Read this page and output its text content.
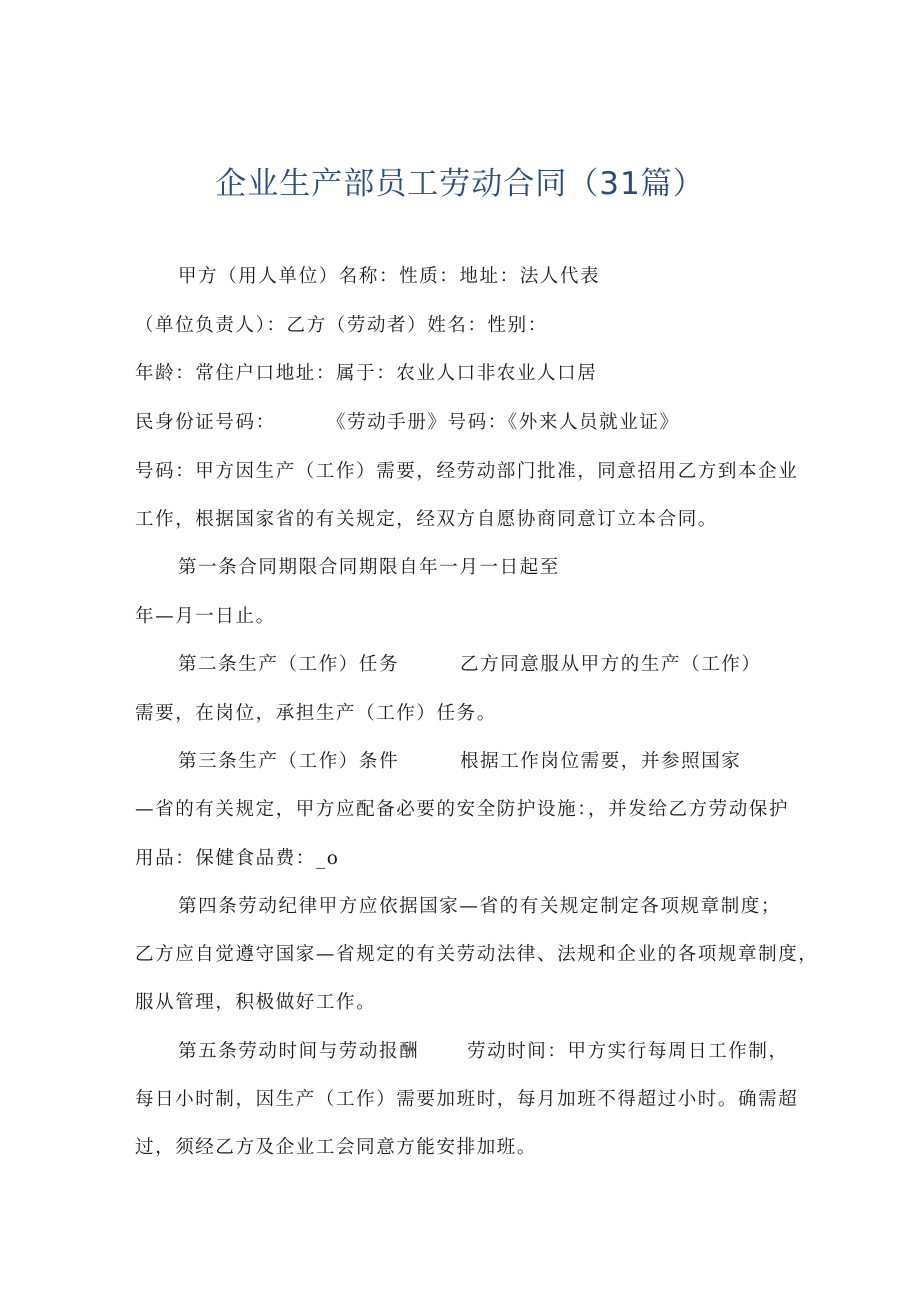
企业生产部员工劳动合同（31篇）
甲方（用人单位）名称：性质：地址：法人代表
（单位负责人）：乙方（劳动者）姓名：性别：
年龄：常住户口地址：属于：农业人口非农业人口居
民身份证号码：	《劳动手册》号码：《外来人员就业证》
号码：甲方因生产（工作）需要，经劳动部门批准，同意招用乙方到本企业
工作，根据国家省的有关规定，经双方自愿协商同意订立本合同。
第一条合同期限合同期限自年一月一日起至
年—月一日止。
第二条生产（工作）任务	乙方同意服从甲方的生产（工作）
需要，在岗位，承担生产（工作）任务。
第三条生产（工作）条件	根据工作岗位需要，并参照国家
—省的有关规定，甲方应配备必要的安全防护设施：，并发给乙方劳动保护
用品：保健食品费：_o
第四条劳动纪律甲方应依据国家—省的有关规定制定各项规章制度；
乙方应自觉遵守国家—省规定的有关劳动法律、法规和企业的各项规章制度，
服从管理，积极做好工作。
第五条劳动时间与劳动报酬	劳动时间：甲方实行每周日工作制，
每日小时制，因生产（工作）需要加班时，每月加班不得超过小时。确需超
过，须经乙方及企业工会同意方能安排加班。
